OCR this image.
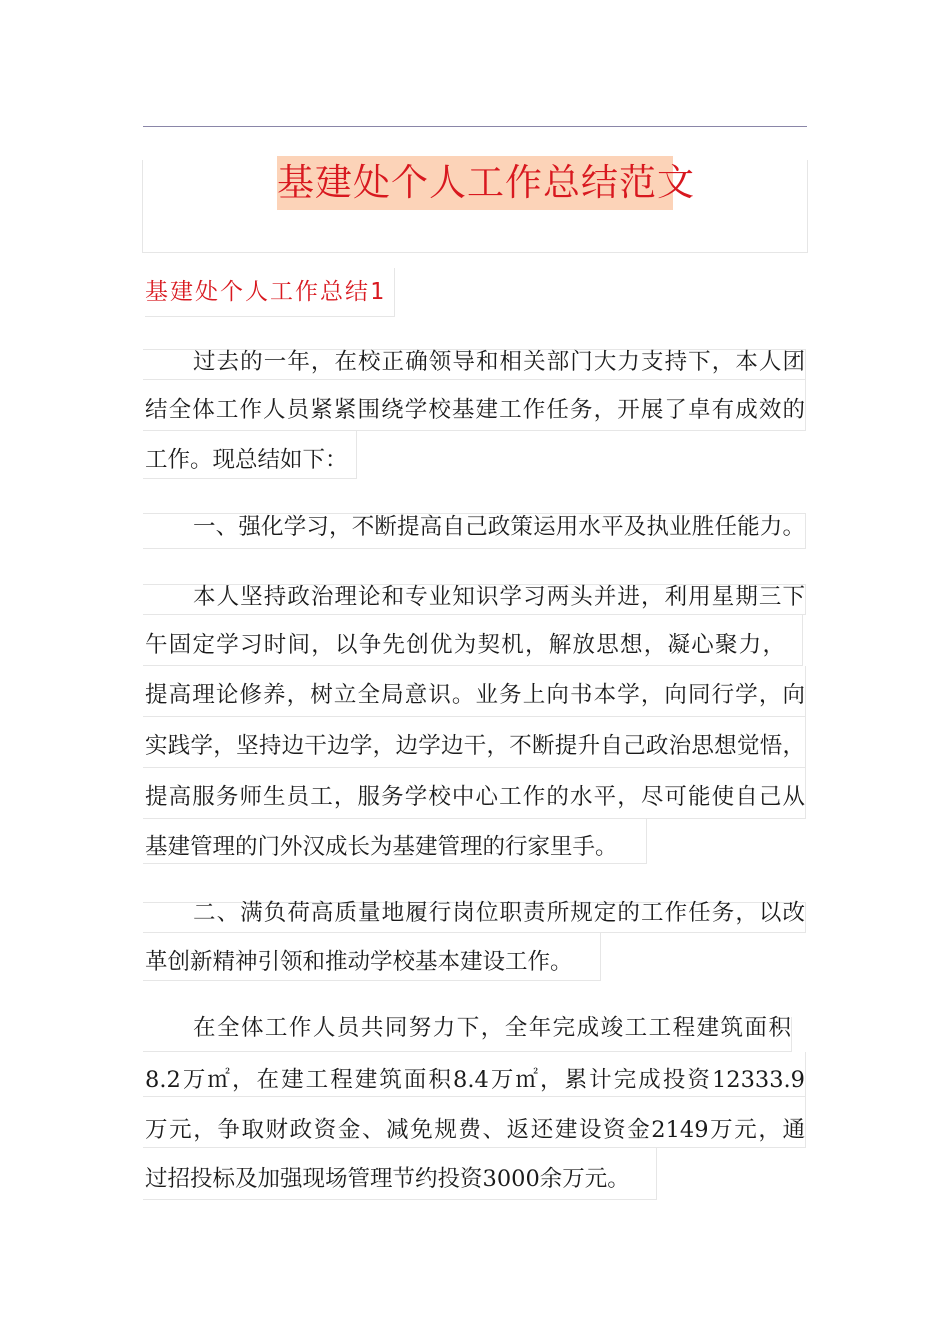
基建处个人工作总结范文
基建处个人工作总结1
过去的一年，在校正确领导和相关部门大力支持下，本人团
结全体工作人员紧紧围绕学校基建工作任务，开展了卓有成效的
工作。现总结如下：
一、强化学习，不断提高自己政策运用水平及执业胜任能力。
本人坚持政治理论和专业知识学习两头并进，利用星期三下
午固定学习时间，以争先创优为契机，解放思想，凝心聚力，
提高理论修养，树立全局意识。业务上向书本学，向同行学，向
实践学，坚持边干边学，边学边干，不断提升自己政治思想觉悟，
提高服务师生员工，服务学校中心工作的水平，尽可能使自己从
基建管理的门外汉成长为基建管理的行家里手。
二、满负荷高质量地履行岗位职责所规定的工作任务，以改
革创新精神引领和推动学校基本建设工作。
在全体工作人员共同努力下，全年完成竣工工程建筑面积
8.2万㎡，在建工程建筑面积8.4万㎡，累计完成投资12333.9
万元，争取财政资金、减免规费、返还建设资金2149万元，通
过招投标及加强现场管理节约投资3000余万元。
